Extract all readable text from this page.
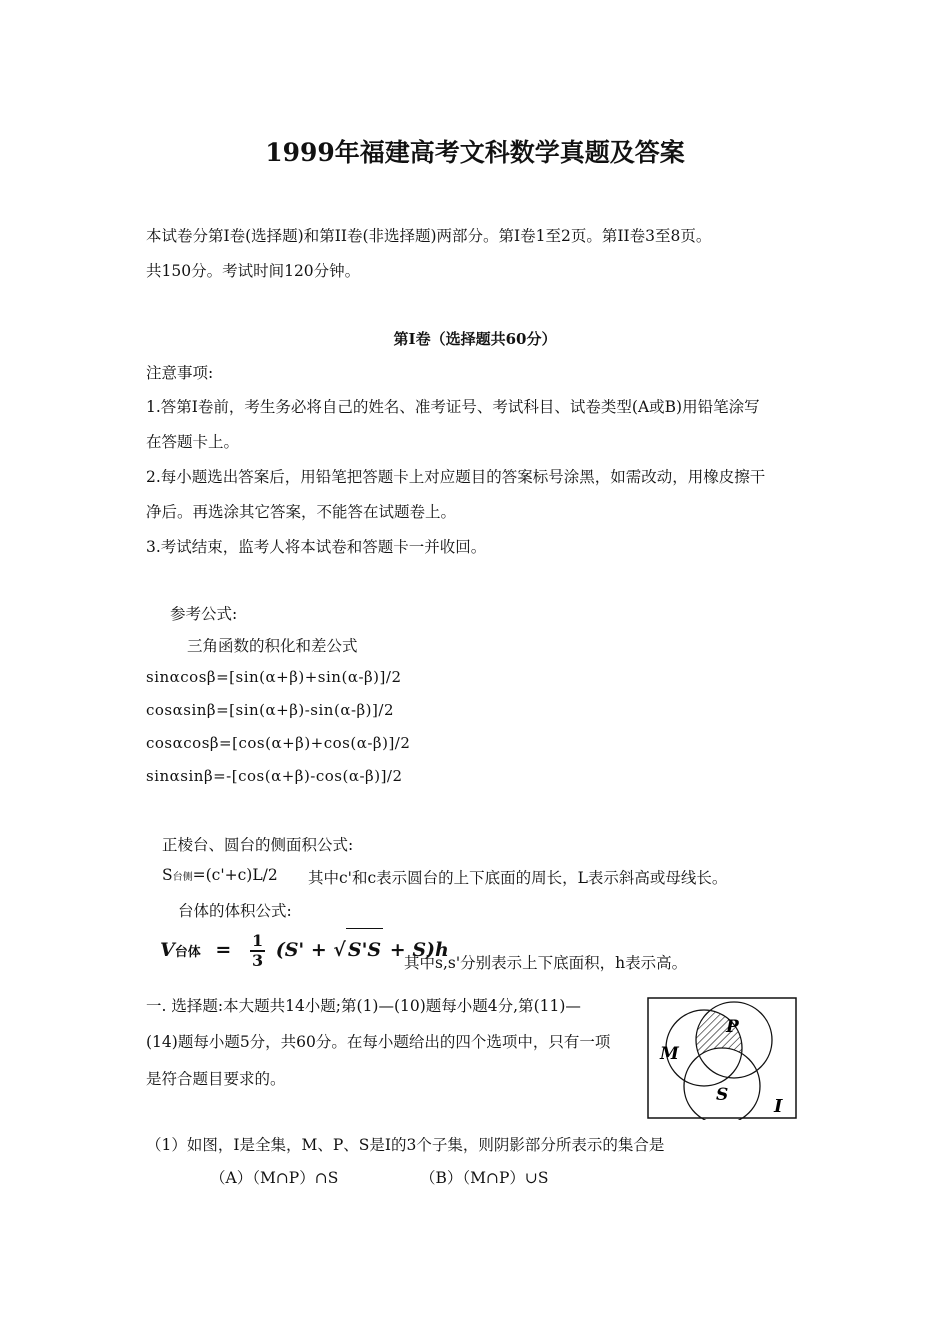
1999年福建高考文科数学真题及答案
本试卷分第Ⅰ卷(选择题)和第II卷(非选择题)两部分。第Ⅰ卷1至2页。第II卷3至8页。
共150分。考试时间120分钟。
第Ⅰ卷（选择题共60分）
注意事项:
1.答第Ⅰ卷前，考生务必将自己的姓名、准考证号、考试科目、试卷类型(A或B)用铅笔涂写
在答题卡上。
2.每小题选出答案后，用铅笔把答题卡上对应题目的答案标号涂黑，如需改动，用橡皮擦干
净后。再选涂其它答案，不能答在试题卷上。
3.考试结束，监考人将本试卷和答题卡一并收回。
参考公式:
三角函数的积化和差公式
sinαcosβ=[sin(α+β)+sin(α-β)]/2
cosαsinβ=[sin(α+β)-sin(α-β)]/2
cosαcosβ=[cos(α+β)+cos(α-β)]/2
sinαsinβ=-[cos(α+β)-cos(α-β)]/2
正棱台、圆台的侧面积公式:
S台侧=(c'+c)L/2 其中c'和c表示圆台的上下底面的周长，L表示斜高或母线长。
台体的体积公式:
V台体 = $\frac{1}{3} (S'$ + √ S'S + S)h
其中s,s'分别表示上下底面积，h表示高。
一. 选择题:本大题共14小题;第(1)—(10)题每小题4分,第(11)—
(14)题每小题5分，共60分。在每小题给出的四个选项中，只有一项
是符合题目要求的。
M
P
S
I
（1）如图，I是全集，M、P、S是I的3个子集，则阴影部分所表示的集合是
（A）（M∩P）∩S	（B）（M∩P）∪S
